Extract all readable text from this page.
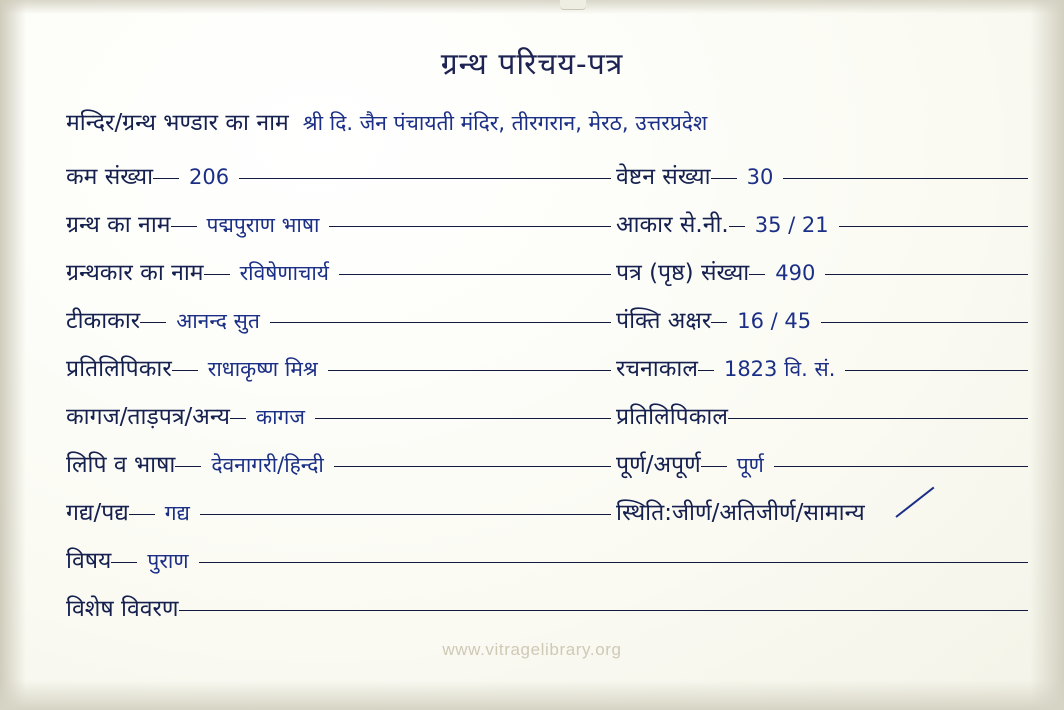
ग्रन्थ परिचय-पत्र
मन्दिर/ग्रन्थ भण्डार का नाम श्री दि. जैन पंचायती मंदिर, तीरगरान, मेरठ, उत्तरप्रदेश
कम संख्या	206	वेष्टन संख्या	30
ग्रन्थ का नाम	पद्मपुराण भाषा	आकार से.नी.	35 / 21
ग्रन्थकार का नाम	रविषेणाचार्य	पत्र (पृष्ठ) संख्या	490
टीकाकार	आनन्द सुत	पंक्ति अक्षर	16 / 45
प्रतिलिपिकार	राधाकृष्ण मिश्र	रचनाकाल	1823 वि. सं.
कागज/ताड़पत्र/अन्य	कागज	प्रतिलिपिकाल
लिपि व भाषा	देवनागरी/हिन्दी	पूर्ण/अपूर्ण	पूर्ण
गद्य/पद्य	गद्य	स्थिति:जीर्ण/अतिजीर्ण/सामान्य
विषय	पुराण
विशेष विवरण
www.vitragelibrary.org
